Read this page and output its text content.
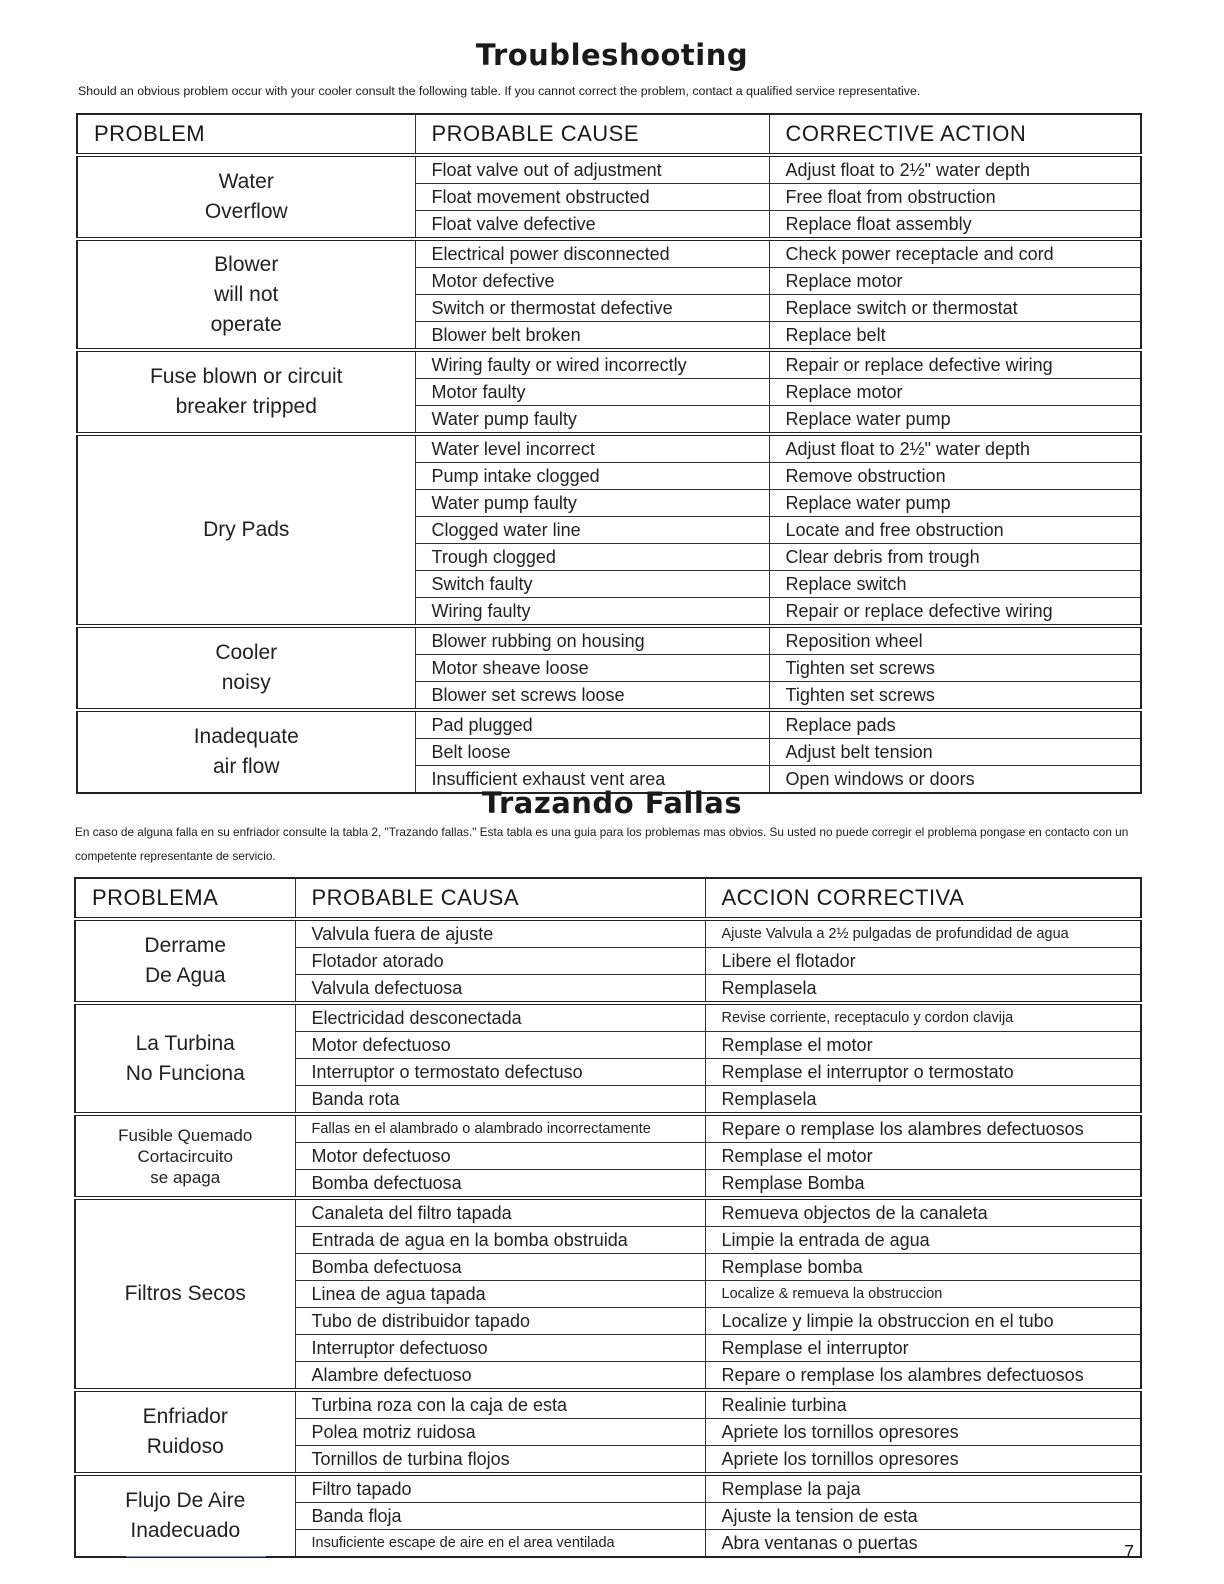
Troubleshooting
Should an obvious problem occur with your cooler consult the following table. If you cannot correct the problem, contact a qualified service representative.
PROBLEM	PROBABLE CAUSE	CORRECTIVE ACTION
Water
Overflow	Float valve out of adjustment	Adjust float to 2½" water depth
	Float movement obstructed	Free float from obstruction
	Float valve defective	Replace float assembly
Blower
will not
operate	Electrical power disconnected	Check power receptacle and cord
	Motor defective	Replace motor
	Switch or thermostat defective	Replace switch or thermostat
	Blower belt broken	Replace belt
Fuse blown or circuit
breaker tripped	Wiring faulty or wired incorrectly	Repair or replace defective wiring
	Motor faulty	Replace motor
	Water pump faulty	Replace water pump
Dry Pads	Water level incorrect	Adjust float to 2½" water depth
	Pump intake clogged	Remove obstruction
	Water pump faulty	Replace water pump
	Clogged water line	Locate and free obstruction
	Trough clogged	Clear debris from trough
	Switch faulty	Replace switch
	Wiring faulty	Repair or replace defective wiring
Cooler
noisy	Blower rubbing on housing	Reposition wheel
	Motor sheave loose	Tighten set screws
	Blower set screws loose	Tighten set screws
Inadequate
air flow	Pad plugged	Replace pads
	Belt loose	Adjust belt tension
	Insufficient exhaust vent area	Open windows or doors
Trazando Fallas
En caso de alguna falla en su enfriador consulte la tabla 2, "Trazando fallas." Esta tabla es una guia para los problemas mas obvios. Su usted no puede corregir el problema pongase en contacto con un competente representante de servicio.
PROBLEMA	PROBABLE CAUSA	ACCION CORRECTIVA
Derrame
De Agua	Valvula fuera de ajuste	Ajuste Valvula a 2½ pulgadas de profundidad de agua
	Flotador atorado	Libere el flotador
	Valvula defectuosa	Remplasela
La Turbina
No Funciona	Electricidad desconectada	Revise corriente, receptaculo y cordon clavija
	Motor defectuoso	Remplase el motor
	Interruptor o termostato defectuso	Remplase el interruptor o termostato
	Banda rota	Remplasela
Fusible Quemado
Cortacircuito
se apaga	Fallas en el alambrado o alambrado incorrectamente	Repare o remplase los alambres defectuosos
	Motor defectuoso	Remplase el motor
	Bomba defectuosa	Remplase Bomba
Filtros Secos	Canaleta del filtro tapada	Remueva objectos de la canaleta
	Entrada de agua en la bomba obstruida	Limpie la entrada de agua
	Bomba defectuosa	Remplase bomba
	Linea de agua tapada	Localize & remueva la obstruccion
	Tubo de distribuidor tapado	Localize y limpie la obstruccion en el tubo
	Interruptor defectuoso	Remplase el interruptor
	Alambre defectuoso	Repare o remplase los alambres defectuosos
Enfriador
Ruidoso	Turbina roza con la caja de esta	Realinie turbina
	Polea motriz ruidosa	Apriete los tornillos opresores
	Tornillos de turbina flojos	Apriete los tornillos opresores
Flujo De Aire
Inadecuado	Filtro tapado	Remplase la paja
	Banda floja	Ajuste la tension de esta
	Insuficiente escape de aire en el area ventilada	Abra ventanas o puertas	7
